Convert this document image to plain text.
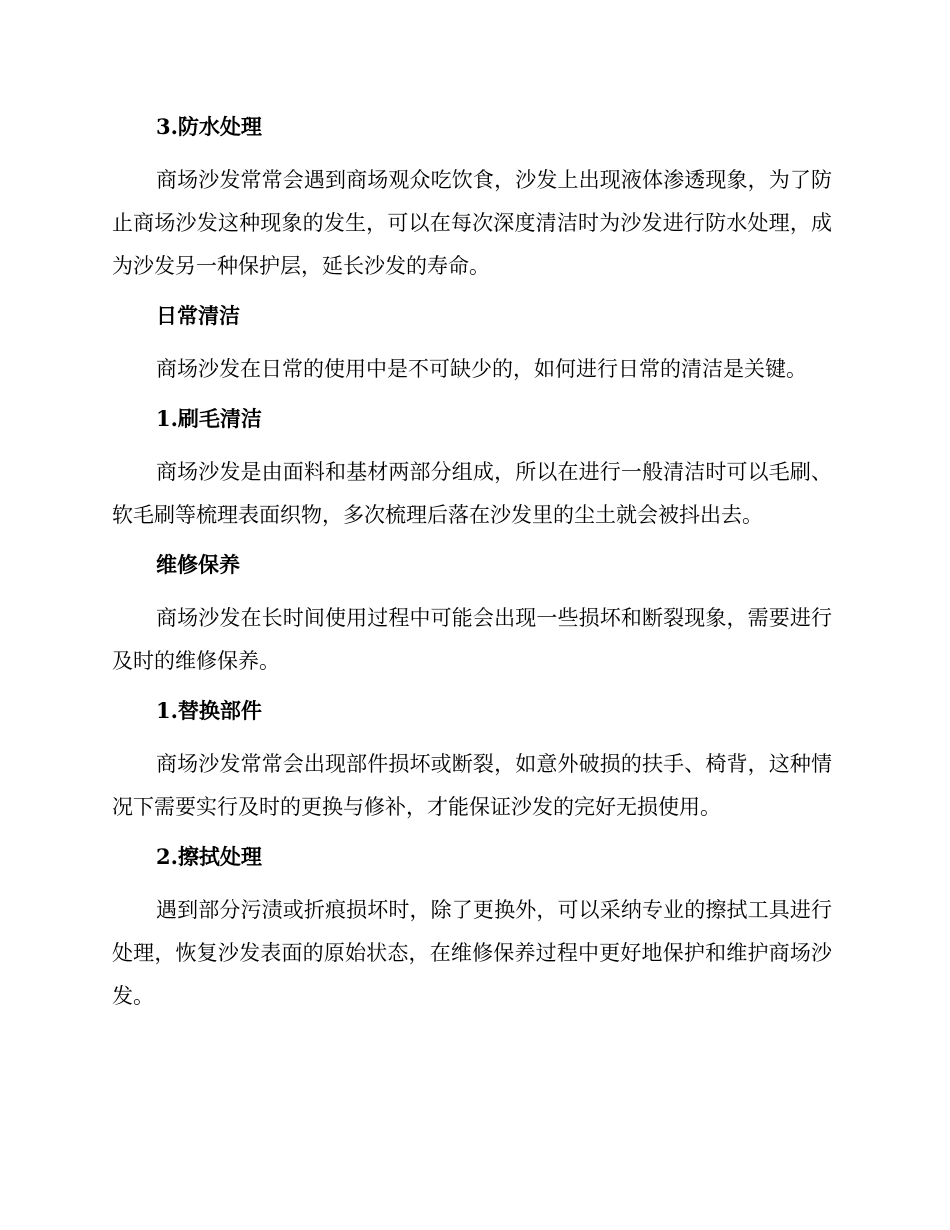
3.防水处理
商场沙发常常会遇到商场观众吃饮食，沙发上出现液体渗透现象，为了防止商场沙发这种现象的发生，可以在每次深度清洁时为沙发进行防水处理，成为沙发另一种保护层，延长沙发的寿命。
日常清洁
商场沙发在日常的使用中是不可缺少的，如何进行日常的清洁是关键。
1.刷毛清洁
商场沙发是由面料和基材两部分组成，所以在进行一般清洁时可以毛刷、软毛刷等梳理表面织物，多次梳理后落在沙发里的尘土就会被抖出去。
维修保养
商场沙发在长时间使用过程中可能会出现一些损坏和断裂现象，需要进行及时的维修保养。
1.替换部件
商场沙发常常会出现部件损坏或断裂，如意外破损的扶手、椅背，这种情况下需要实行及时的更换与修补，才能保证沙发的完好无损使用。
2.擦拭处理
遇到部分污渍或折痕损坏时，除了更换外，可以采纳专业的擦拭工具进行处理，恢复沙发表面的原始状态，在维修保养过程中更好地保护和维护商场沙发。
